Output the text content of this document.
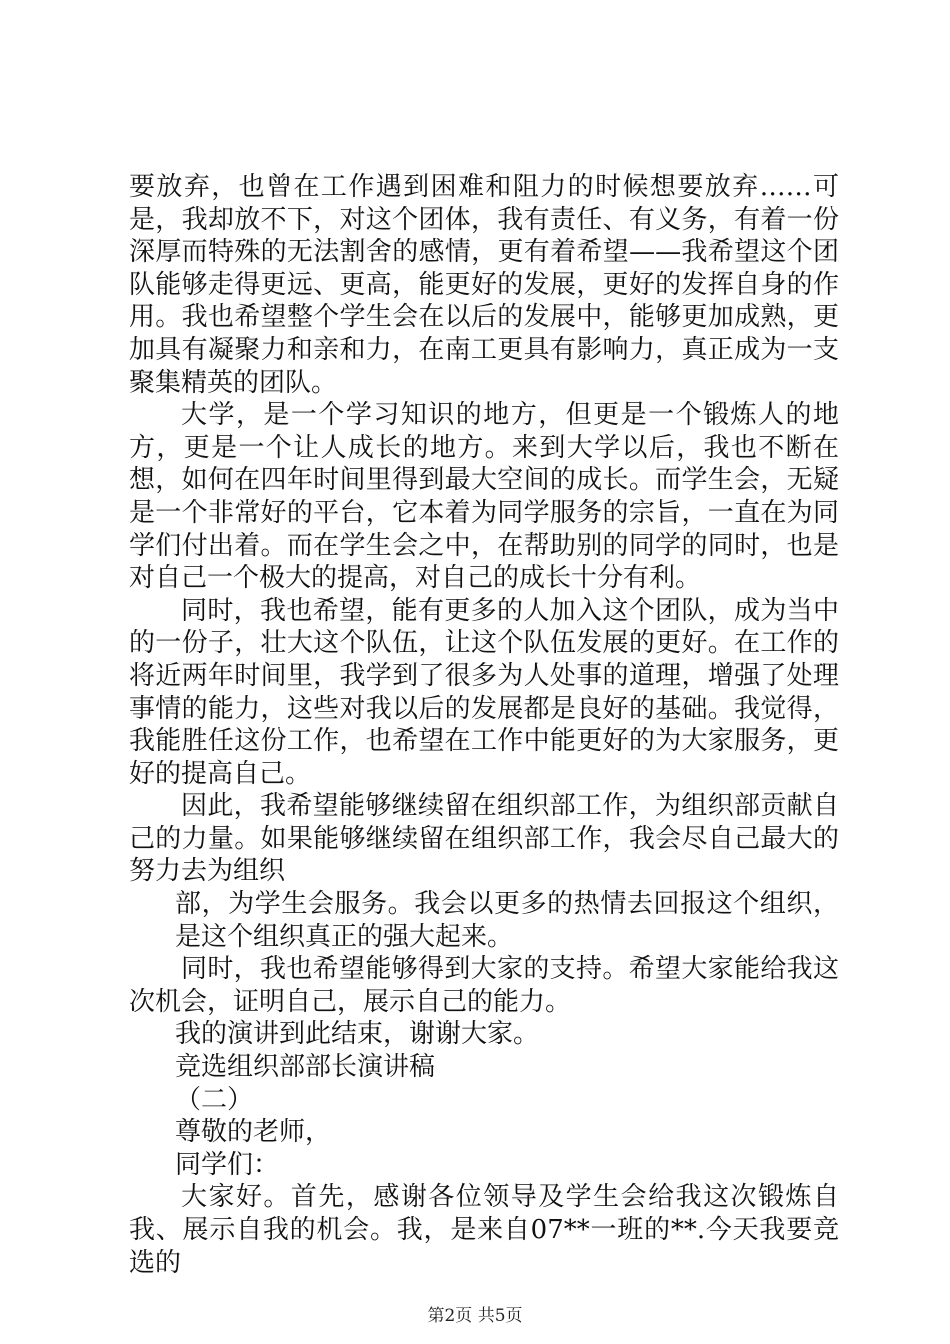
要放弃，也曾在工作遇到困难和阻力的时候想要放弃……可是，我却放不下，对这个团体，我有责任、有义务，有着一份深厚而特殊的无法割舍的感情，更有着希望——我希望这个团队能够走得更远、更高，能更好的发展，更好的发挥自身的作用。我也希望整个学生会在以后的发展中，能够更加成熟，更加具有凝聚力和亲和力，在南工更具有影响力，真正成为一支聚集精英的团队。

大学，是一个学习知识的地方，但更是一个锻炼人的地方，更是一个让人成长的地方。来到大学以后，我也不断在想，如何在四年时间里得到最大空间的成长。而学生会，无疑是一个非常好的平台，它本着为同学服务的宗旨，一直在为同学们付出着。而在学生会之中，在帮助别的同学的同时，也是对自己一个极大的提高，对自己的成长十分有利。

同时，我也希望，能有更多的人加入这个团队，成为当中的一份子，壮大这个队伍，让这个队伍发展的更好。在工作的将近两年时间里，我学到了很多为人处事的道理，增强了处理事情的能力，这些对我以后的发展都是良好的基础。我觉得，我能胜任这份工作，也希望在工作中能更好的为大家服务，更好的提高自己。

因此，我希望能够继续留在组织部工作，为组织部贡献自己的力量。如果能够继续留在组织部工作，我会尽自己最大的努力去为组织

部，为学生会服务。我会以更多的热情去回报这个组织，是这个组织真正的强大起来。

同时，我也希望能够得到大家的支持。希望大家能给我这次机会，证明自己，展示自己的能力。

我的演讲到此结束，谢谢大家。

竞选组织部部长演讲稿

（二）

尊敬的老师，

同学们：

大家好。首先，感谢各位领导及学生会给我这次锻炼自我、展示自我的机会。我，是来自07**一班的**.今天我要竞选的

第2页 共5页
